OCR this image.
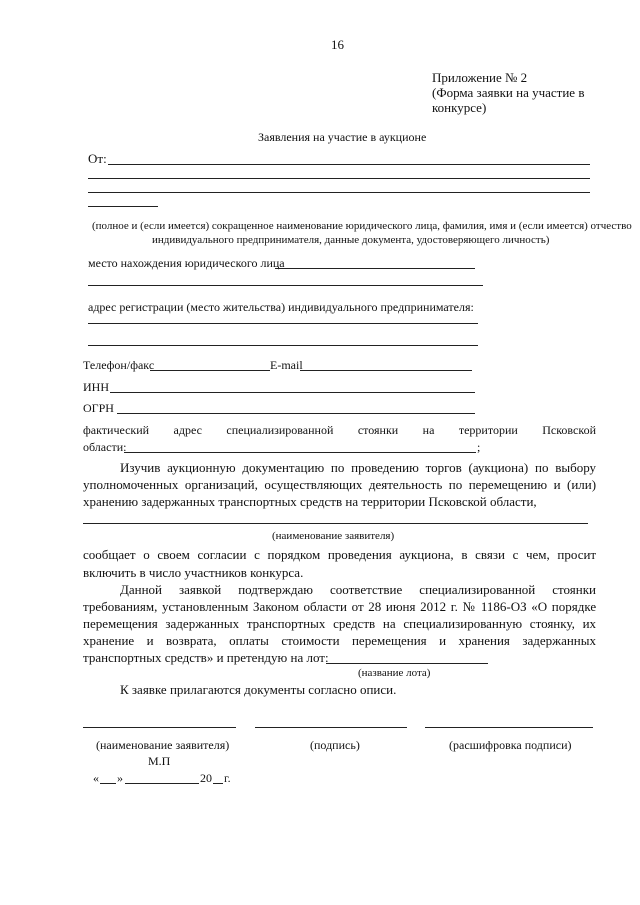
16
Приложение № 2
(Форма заявки на участие в
конкурсе)
Заявления на участие в аукционе
От:
(полное и (если имеется) сокращенное наименование юридического лица, фамилия, имя и (если имеется) отчество
индивидуального предпринимателя, данные документа, удостоверяющего личность)
место нахождения юридического лица
адрес регистрации (место жительства) индивидуального предпринимателя:
Телефон/факс	E-mail
ИНН
ОГРН
фактический адрес специализированной стоянки на территории Псковской
области:	;
Изучив аукционную документацию по проведению торгов (аукциона) по выбору
уполномоченных организаций, осуществляющих деятельность по перемещению и (или)
хранению задержанных транспортных средств на территории Псковской области,
(наименование заявителя)
сообщает о своем согласии с порядком проведения аукциона, в связи с чем, просит
включить в число участников конкурса.
Данной заявкой подтверждаю соответствие специализированной стоянки
требованиям, установленным Законом области от 28 июня 2012 г. № 1186-ОЗ «О порядке
перемещения задержанных транспортных средств на специализированную стоянку, их
хранение и возврата, оплаты стоимости перемещения и хранения задержанных
транспортных средств» и претендую на лот:
(название лота)
К заявке прилагаются документы согласно описи.
(наименование заявителя)	(подпись)	(расшифровка подписи)
М.П
« »	20 г.
